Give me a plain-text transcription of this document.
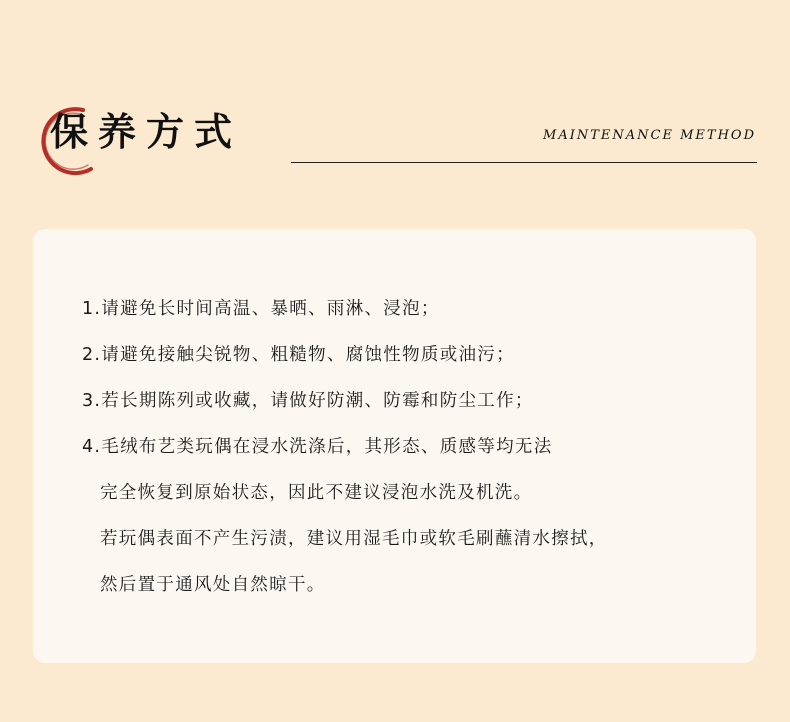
保养方式	MAINTENANCE METHOD
1.请避免长时间高温、暴晒、雨淋、浸泡；
2.请避免接触尖锐物、粗糙物、腐蚀性物质或油污；
3.若长期陈列或收藏，请做好防潮、防霉和防尘工作；
4.毛绒布艺类玩偶在浸水洗涤后，其形态、质感等均无法
完全恢复到原始状态，因此不建议浸泡水洗及机洗。
若玩偶表面不产生污渍，建议用湿毛巾或软毛刷蘸清水擦拭，
然后置于通风处自然晾干。
